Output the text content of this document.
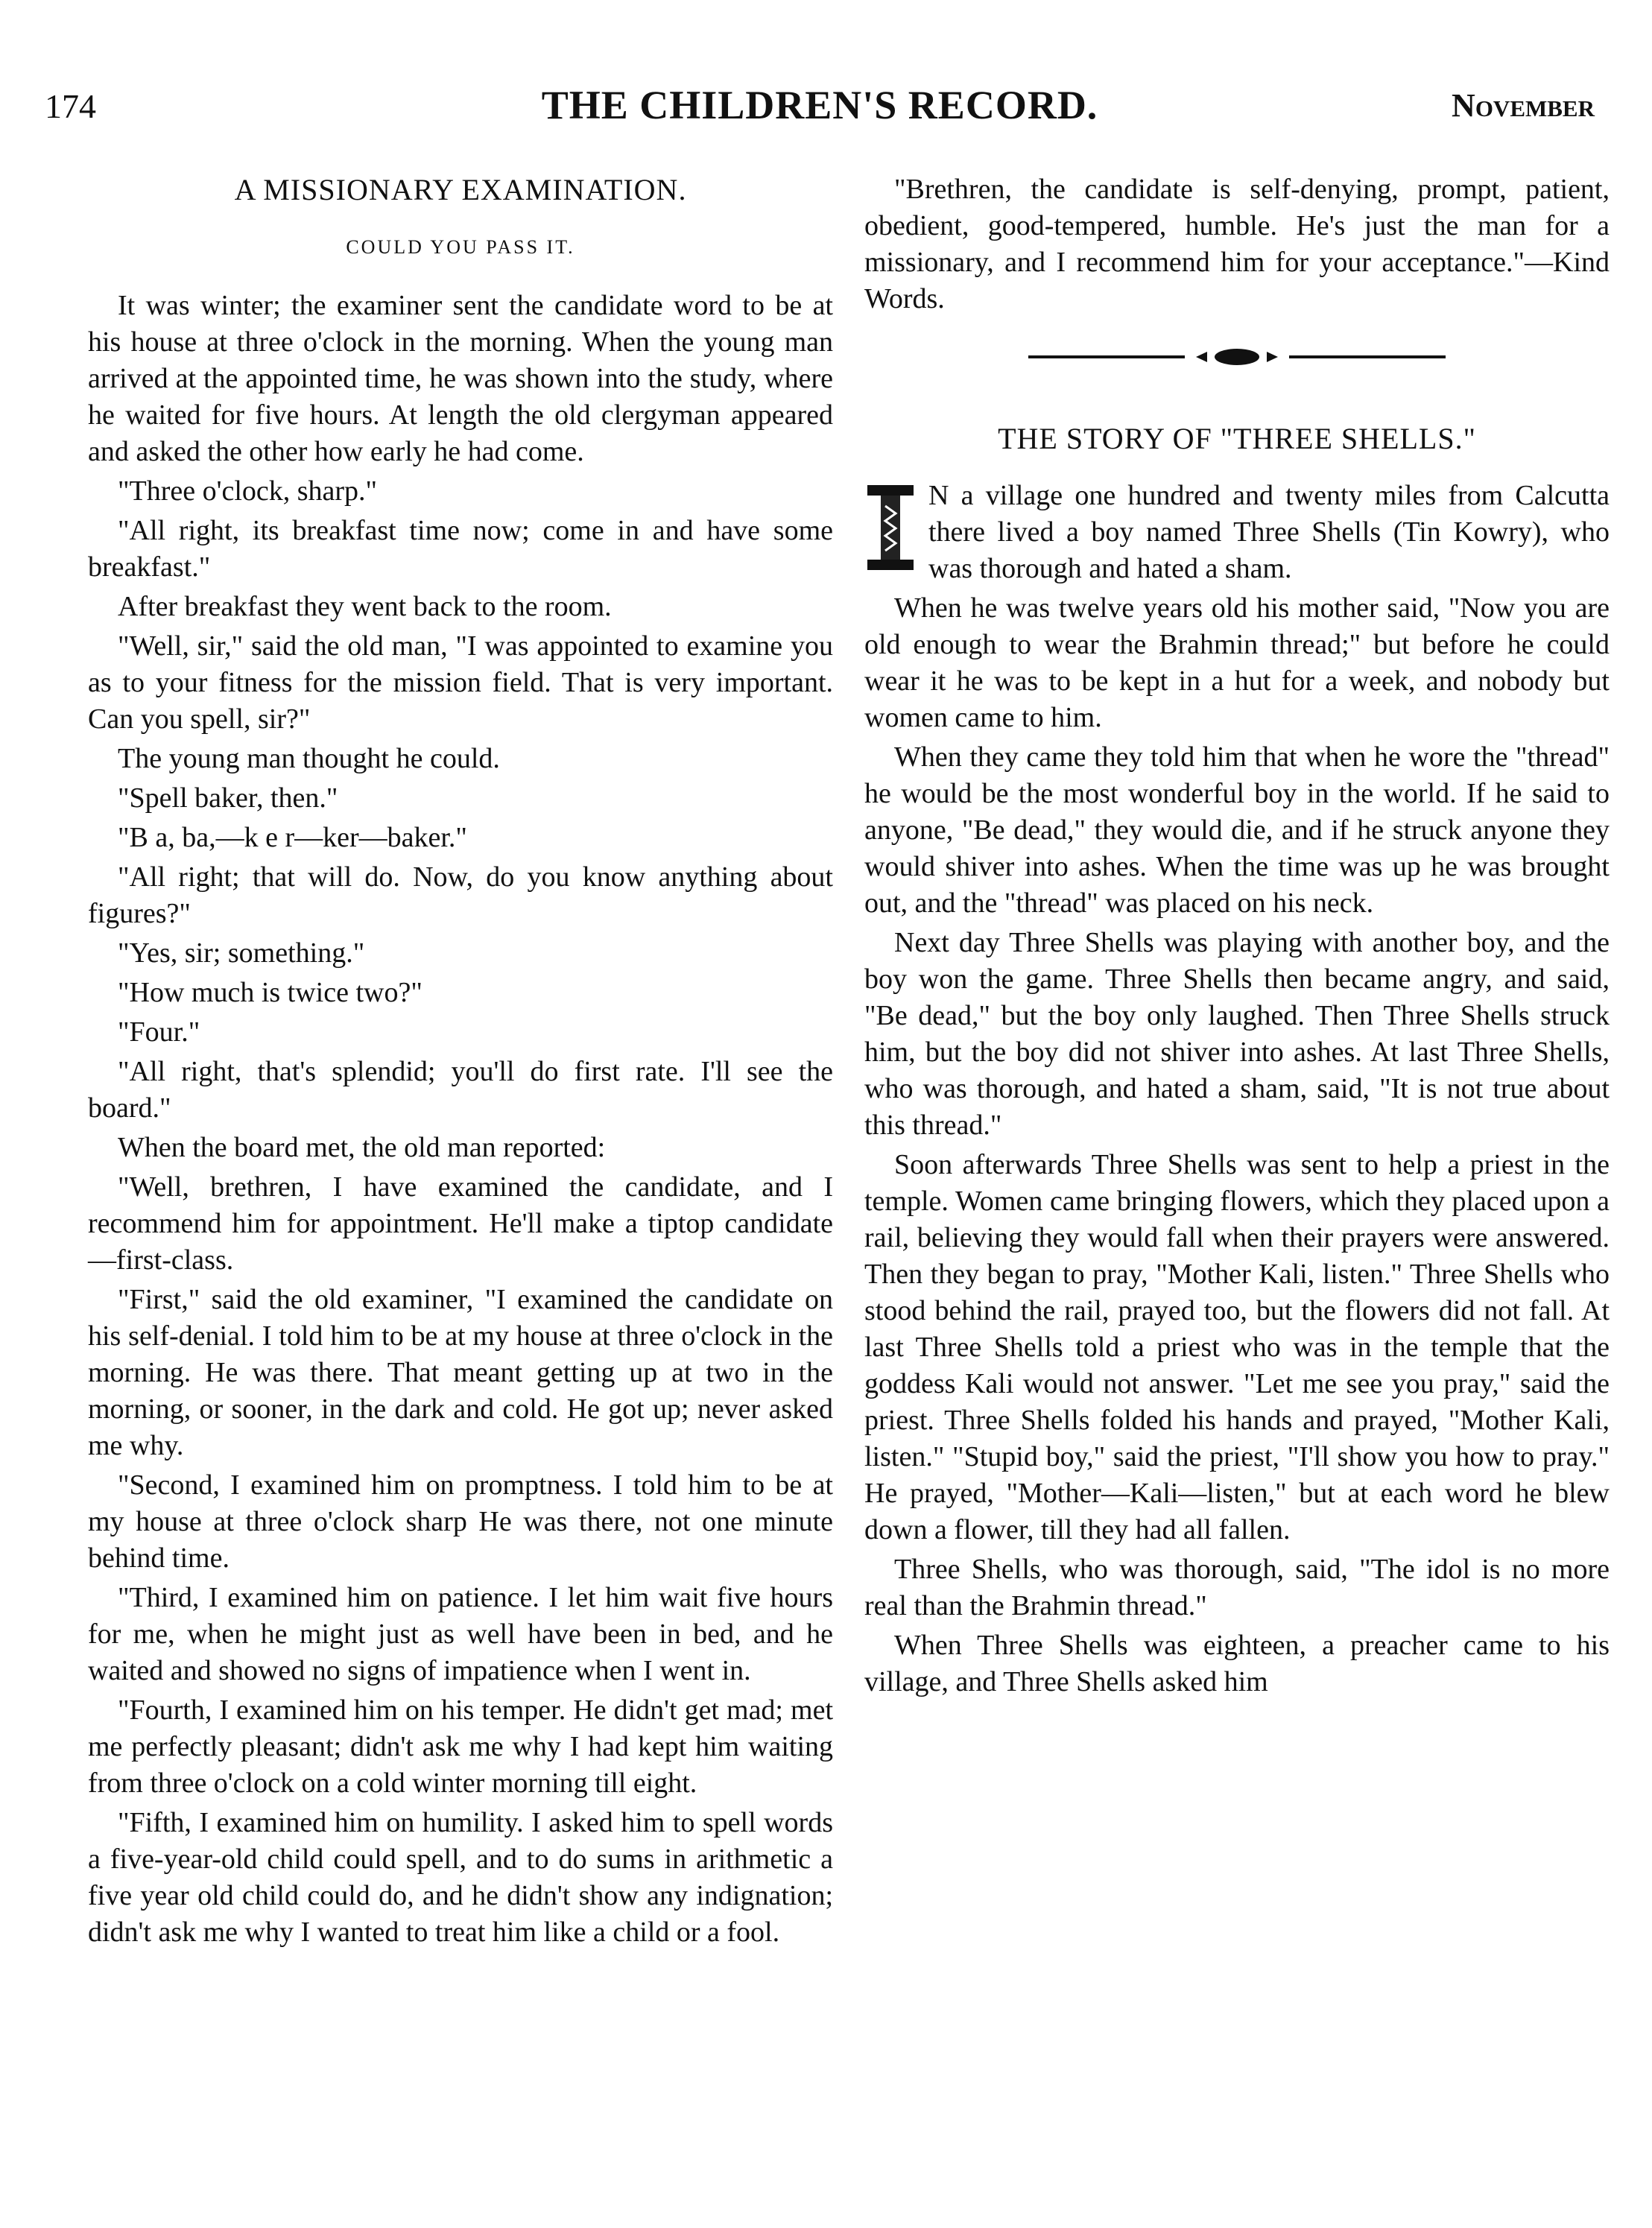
174	THE CHILDREN'S RECORD.	November
A MISSIONARY EXAMINATION.
COULD YOU PASS IT.

It was winter; the examiner sent the candidate word to be at his house at three o'clock in the morning. When the young man arrived at the appointed time, he was shown into the study, where he waited for five hours. At length the old clergyman appeared and asked the other how early he had come.

"Three o'clock, sharp."

"All right, its breakfast time now; come in and have some breakfast."

After breakfast they went back to the room.

"Well, sir," said the old man, "I was appointed to examine you as to your fitness for the mission field. That is very important. Can you spell, sir?"

The young man thought he could.

"Spell baker, then."

"B a, ba,—k e r—ker—baker."

"All right; that will do. Now, do you know anything about figures?"

"Yes, sir; something."

"How much is twice two?"

"Four."

"All right, that's splendid; you'll do first rate. I'll see the board."

When the board met, the old man reported:

"Well, brethren, I have examined the candidate, and I recommend him for appointment. He'll make a tiptop candidate—first-class.

"First," said the old examiner, "I examined the candidate on his self-denial. I told him to be at my house at three o'clock in the morning. He was there. That meant getting up at two in the morning, or sooner, in the dark and cold. He got up; never asked me why.

"Second, I examined him on promptness. I told him to be at my house at three o'clock sharp He was there, not one minute behind time.

"Third, I examined him on patience. I let him wait five hours for me, when he might just as well have been in bed, and he waited and showed no signs of impatience when I went in.

"Fourth, I examined him on his temper. He didn't get mad; met me perfectly pleasant; didn't ask me why I had kept him waiting from three o'clock on a cold winter morning till eight.

"Fifth, I examined him on humility. I asked him to spell words a five-year-old child could spell, and to do sums in arithmetic a five year old child could do, and he didn't show any indignation; didn't ask me why I wanted to treat him like a child or a fool.

"Brethren, the candidate is self-denying, prompt, patient, obedient, good-tempered, humble. He's just the man for a missionary, and I recommend him for your acceptance."—Kind Words.

THE STORY OF "THREE SHELLS."

N a village one hundred and twenty miles from Calcutta there lived a boy named Three Shells (Tin Kowry), who was thorough and hated a sham.

When he was twelve years old his mother said, "Now you are old enough to wear the Brahmin thread;" but before he could wear it he was to be kept in a hut for a week, and nobody but women came to him.

When they came they told him that when he wore the "thread" he would be the most wonderful boy in the world. If he said to anyone, "Be dead," they would die, and if he struck anyone they would shiver into ashes. When the time was up he was brought out, and the "thread" was placed on his neck.

Next day Three Shells was playing with another boy, and the boy won the game. Three Shells then became angry, and said, "Be dead," but the boy only laughed. Then Three Shells struck him, but the boy did not shiver into ashes. At last Three Shells, who was thorough, and hated a sham, said, "It is not true about this thread."

Soon afterwards Three Shells was sent to help a priest in the temple. Women came bringing flowers, which they placed upon a rail, believing they would fall when their prayers were answered. Then they began to pray, "Mother Kali, listen." Three Shells who stood behind the rail, prayed too, but the flowers did not fall. At last Three Shells told a priest who was in the temple that the goddess Kali would not answer. "Let me see you pray," said the priest. Three Shells folded his hands and prayed, "Mother Kali, listen." "Stupid boy," said the priest, "I'll show you how to pray." He prayed, "Mother—Kali—listen," but at each word he blew down a flower, till they had all fallen.

Three Shells, who was thorough, said, "The idol is no more real than the Brahmin thread."

When Three Shells was eighteen, a preacher came to his village, and Three Shells asked him
